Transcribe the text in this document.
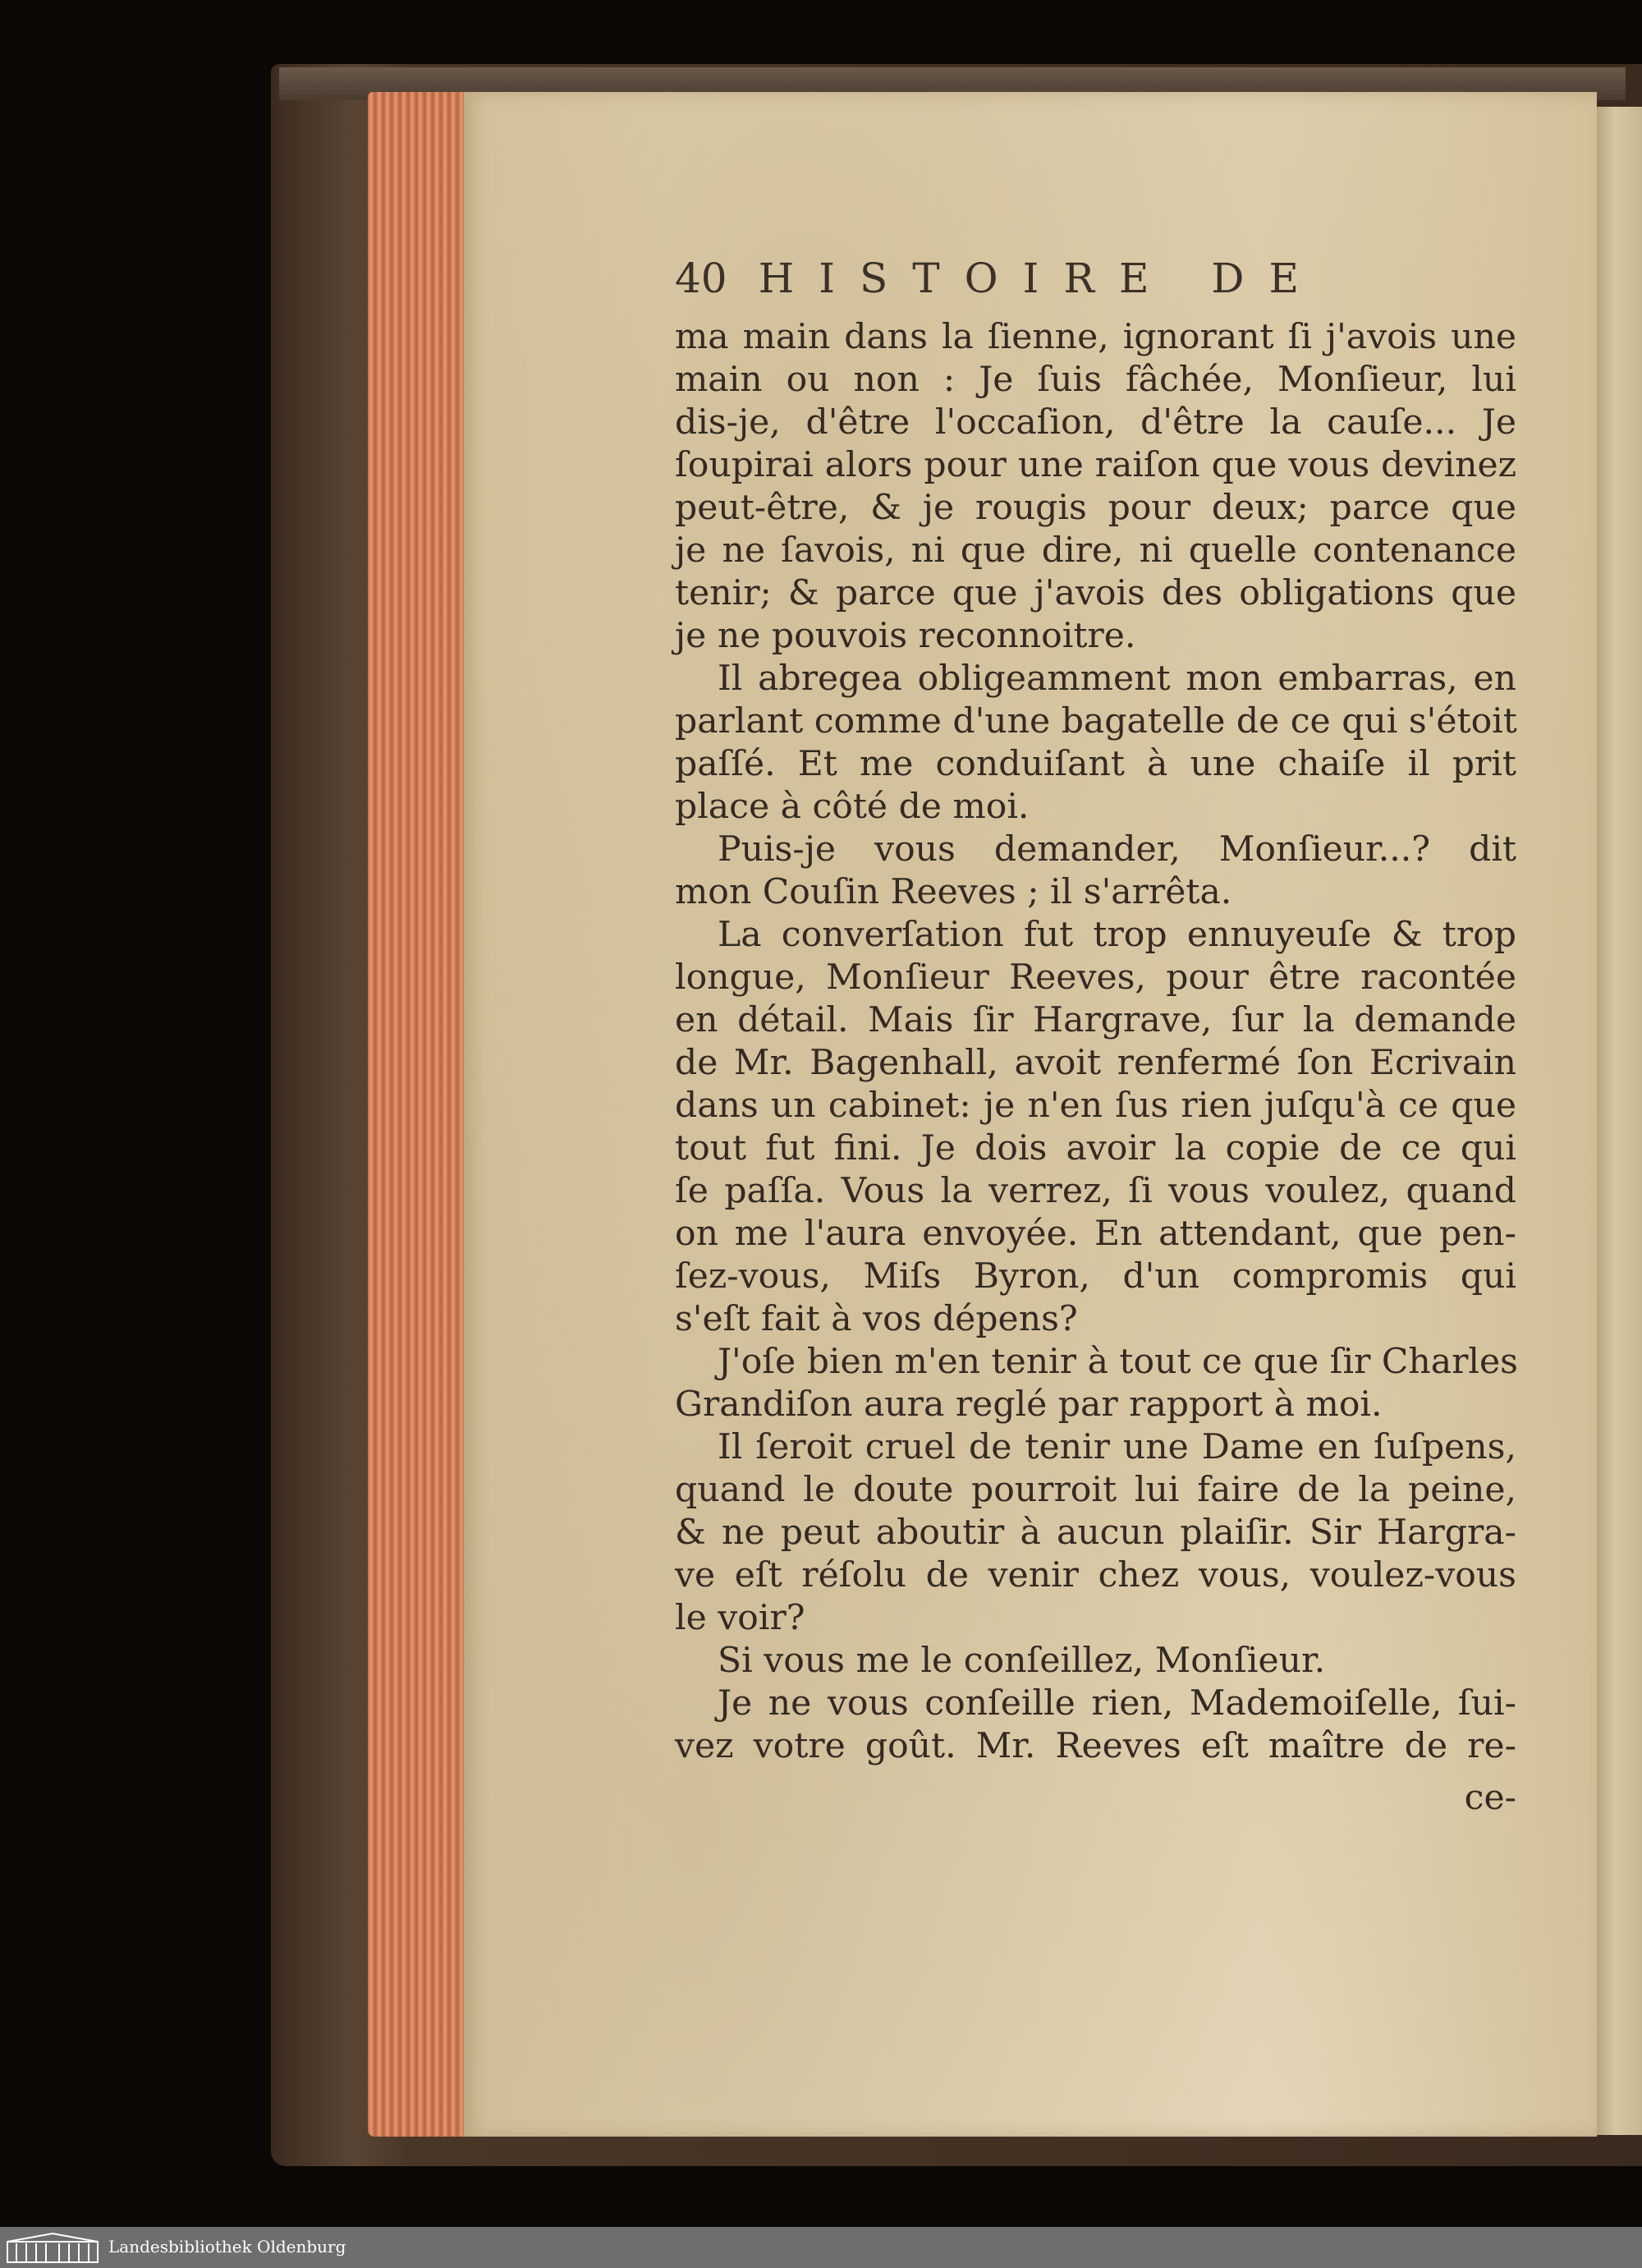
40 HISTOIRE DE

ma main dans la ſienne, ignorant ſi j'avois une
main ou non : Je ſuis fâchée, Monſieur, lui
dis-je, d'être l'occaſion, d'être la cauſe... Je
ſoupirai alors pour une raiſon que vous devinez
peut-être, & je rougis pour deux; parce que
je ne ſavois, ni que dire, ni quelle contenance
tenir; & parce que j'avois des obligations que

je ne pouvois reconnoitre.

Il abregea obligeamment mon embarras, en
parlant comme d'une bagatelle de ce qui s'étoit
paſſé. Et me conduiſant à une chaiſe il prit

place à côté de moi.

Puis-je vous demander, Monſieur...? dit

mon Couſin Reeves ; il s'arrêta.

La converſation fut trop ennuyeuſe & trop
longue, Monſieur Reeves, pour être racontée
en détail. Mais ſir Hargrave, ſur la demande
de Mr. Bagenhall, avoit renfermé ſon Ecrivain
dans un cabinet: je n'en ſus rien juſqu'à ce que
tout fut fini. Je dois avoir la copie de ce qui
ſe paſſa. Vous la verrez, ſi vous voulez, quand
on me l'aura envoyée. En attendant, que pen-
ſez-vous, Miſs Byron, d'un compromis qui

s'eſt fait à vos dépens?

J'oſe bien m'en tenir à tout ce que ſir Charles

Grandiſon aura reglé par rapport à moi.

Il ſeroit cruel de tenir une Dame en ſuſpens,
quand le doute pourroit lui faire de la peine,
& ne peut aboutir à aucun plaiſir. Sir Hargra-
ve eſt réſolu de venir chez vous, voulez-vous

le voir?

Si vous me le conſeillez, Monſieur.

Je ne vous conſeille rien, Mademoiſelle, ſui-
vez votre goût. Mr. Reeves eſt maître de re-

ce-
Landesbibliothek Oldenburg
